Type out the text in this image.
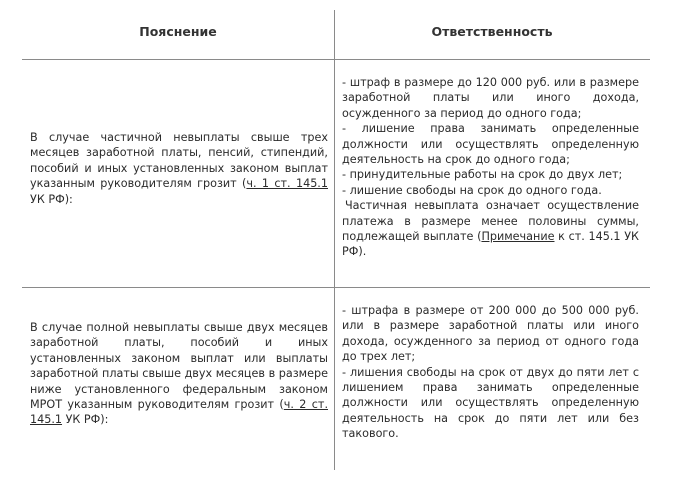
Пояснение	Ответственность
В случае частичной невыплаты свыше трех месяцев заработной платы, пенсий, стипендий, пособий и иных установленных законом выплат указанным руководителям грозит (ч. 1 ст. 145.1 УК РФ):

- штраф в размере до 120 000 руб. или в размере заработной платы или иного дохода, осужденного за период до одного года;

- лишение права занимать определенные должности или осуществлять определенную деятельность на срок до одного года;

- принудительные работы на срок до двух лет;

- лишение свободы на срок до одного года.

Частичная невыплата означает осуществление платежа в размере менее половины суммы, подлежащей выплате (Примечание к ст. 145.1 УК РФ).

В случае полной невыплаты свыше двух месяцев заработной платы, пособий и иных установленных законом выплат или выплаты заработной платы свыше двух месяцев в размере ниже установленного федеральным законом МРОТ указанным руководителям грозит (ч. 2 ст. 145.1 УК РФ):

- штрафа в размере от 200 000 до 500 000 руб. или в размере заработной платы или иного дохода, осужденного за период от одного года до трех лет;

- лишения свободы на срок от двух до пяти лет с лишением права занимать определенные должности или осуществлять определенную деятельность на срок до пяти лет или без такового.
